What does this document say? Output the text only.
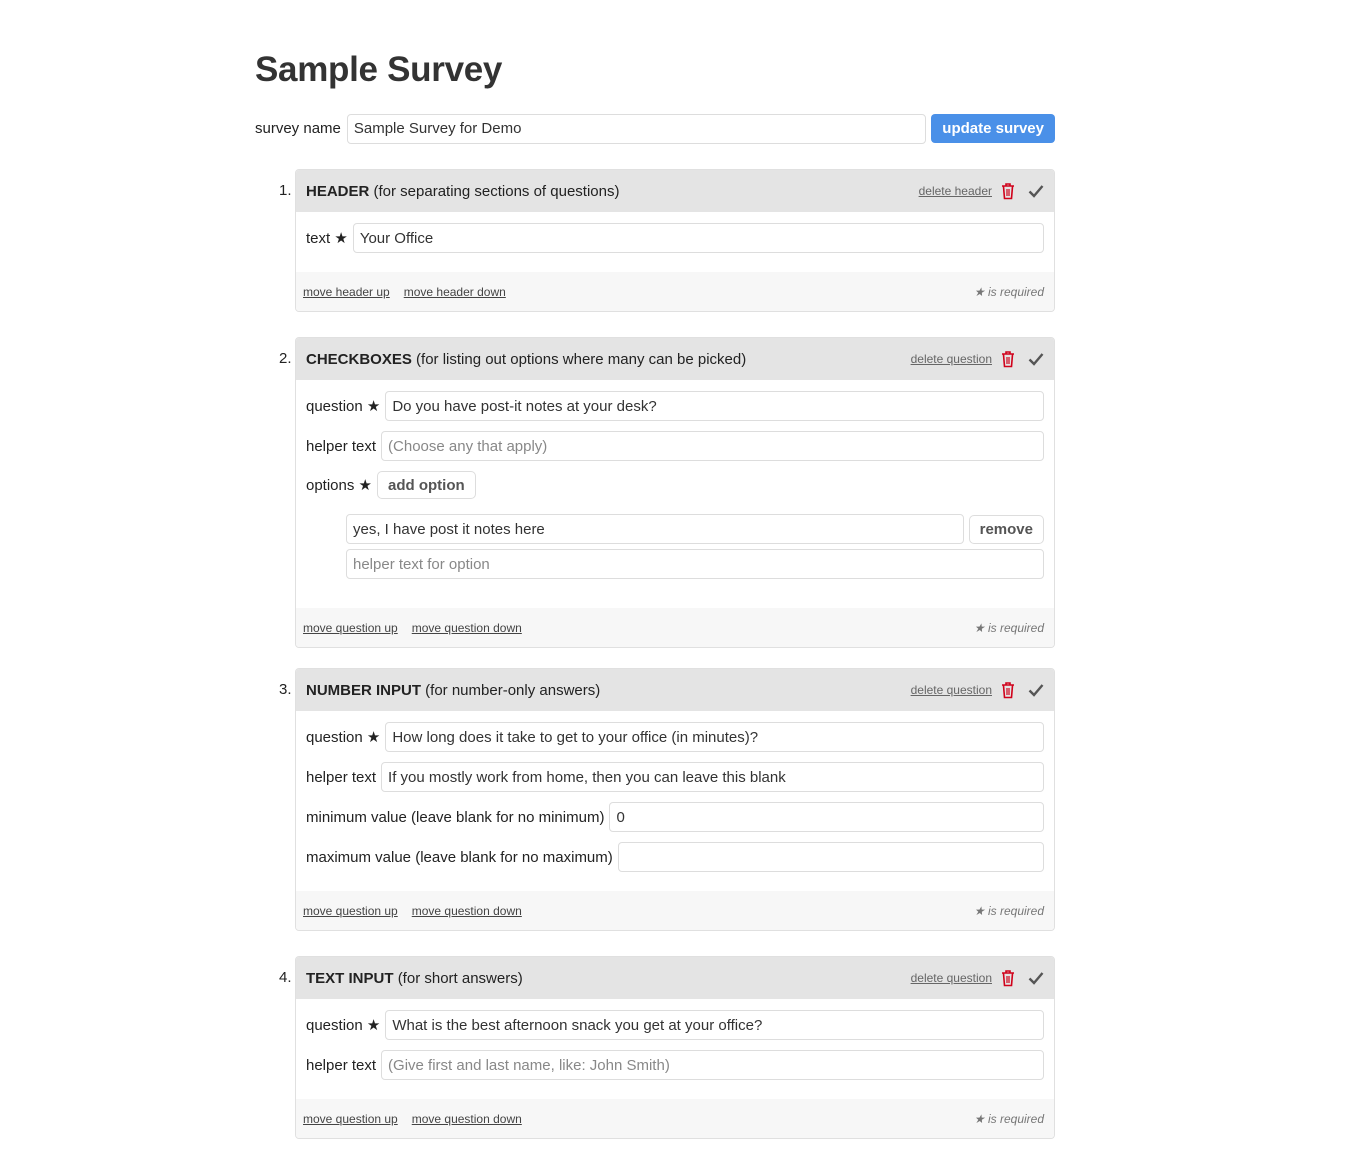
Sample Survey
survey name
Sample Survey for Demo	update survey
1. HEADER (for separating sections of questions)	delete header
text ★
Your Office
move header up move header down	★ is required
2. CHECKBOXES (for listing out options where many can be picked)	delete question
question ★
Do you have post-it notes at your desk?
helper text
(Choose any that apply)
options ★	add option
yes, I have post it notes here
remove
helper text for option
move question up move question down	★ is required
3. NUMBER INPUT (for number-only answers)	delete question
question ★
How long does it take to get to your office (in minutes)?
helper text
If you mostly work from home, then you can leave this blank
minimum value (leave blank for no minimum)
0
maximum value (leave blank for no maximum)
move question up move question down	★ is required
4. TEXT INPUT (for short answers)	delete question
question ★
What is the best afternoon snack you get at your office?
helper text
(Give first and last name, like: John Smith)
move question up move question down	★ is required
